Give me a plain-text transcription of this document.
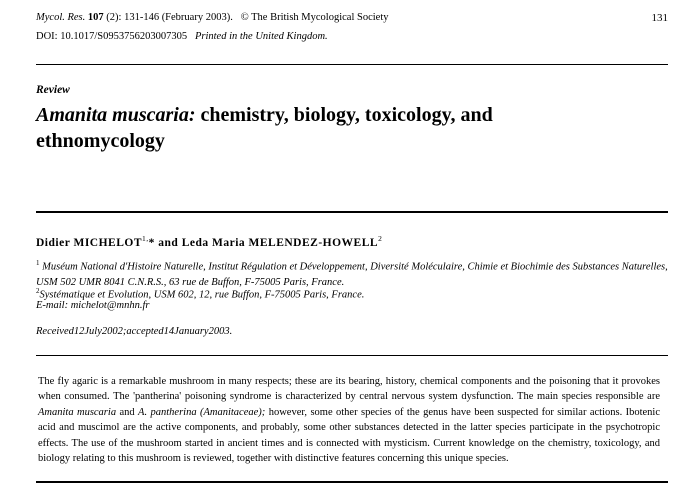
Mycol. Res. 107 (2): 131-146 (February 2003). © The British Mycological Society
DOI: 10.1017/S0953756203007305 Printed in the United Kingdom.
131
Review
Amanita muscaria: chemistry, biology, toxicology, and ethnomycology
Didier $MICHELOT^{1,}*$ and Leda Maria MELENDEZ-HOWELL$^2$
$^1$ Muséum National d'Histoire Naturelle, Institut Régulation et Développement, Diversité Moléculaire, Chimie et Biochimie des Substances Naturelles, USM 502 UMR 8041 C.N.R.S., 63 rue de Buffon, F-75005 Paris, France.
$^2$Systématique et Evolution, USM 602, 12, rue Buffon, F-75005 Paris, France.
E-mail: michelot@mnhn.fr
Received12July2002;accepted14January2003.
The fly agaric is a remarkable mushroom in many respects; these are its bearing, history, chemical components and the poisoning that it provokes when consumed. The 'pantherina' poisoning syndrome is characterized by central nervous system dysfunction. The main species responsible are Amanita muscaria and A. pantherina (Amanitaceae); however, some other species of the genus have been suspected for similar actions. Ibotenic acid and muscimol are the active components, and probably, some other substances detected in the latter species participate in the psychotropic effects. The use of the mushroom started in ancient times and is connected with mysticism. Current knowledge on the chemistry, toxicology, and biology relating to this mushroom is reviewed, together with distinctive features concerning this unique species.
